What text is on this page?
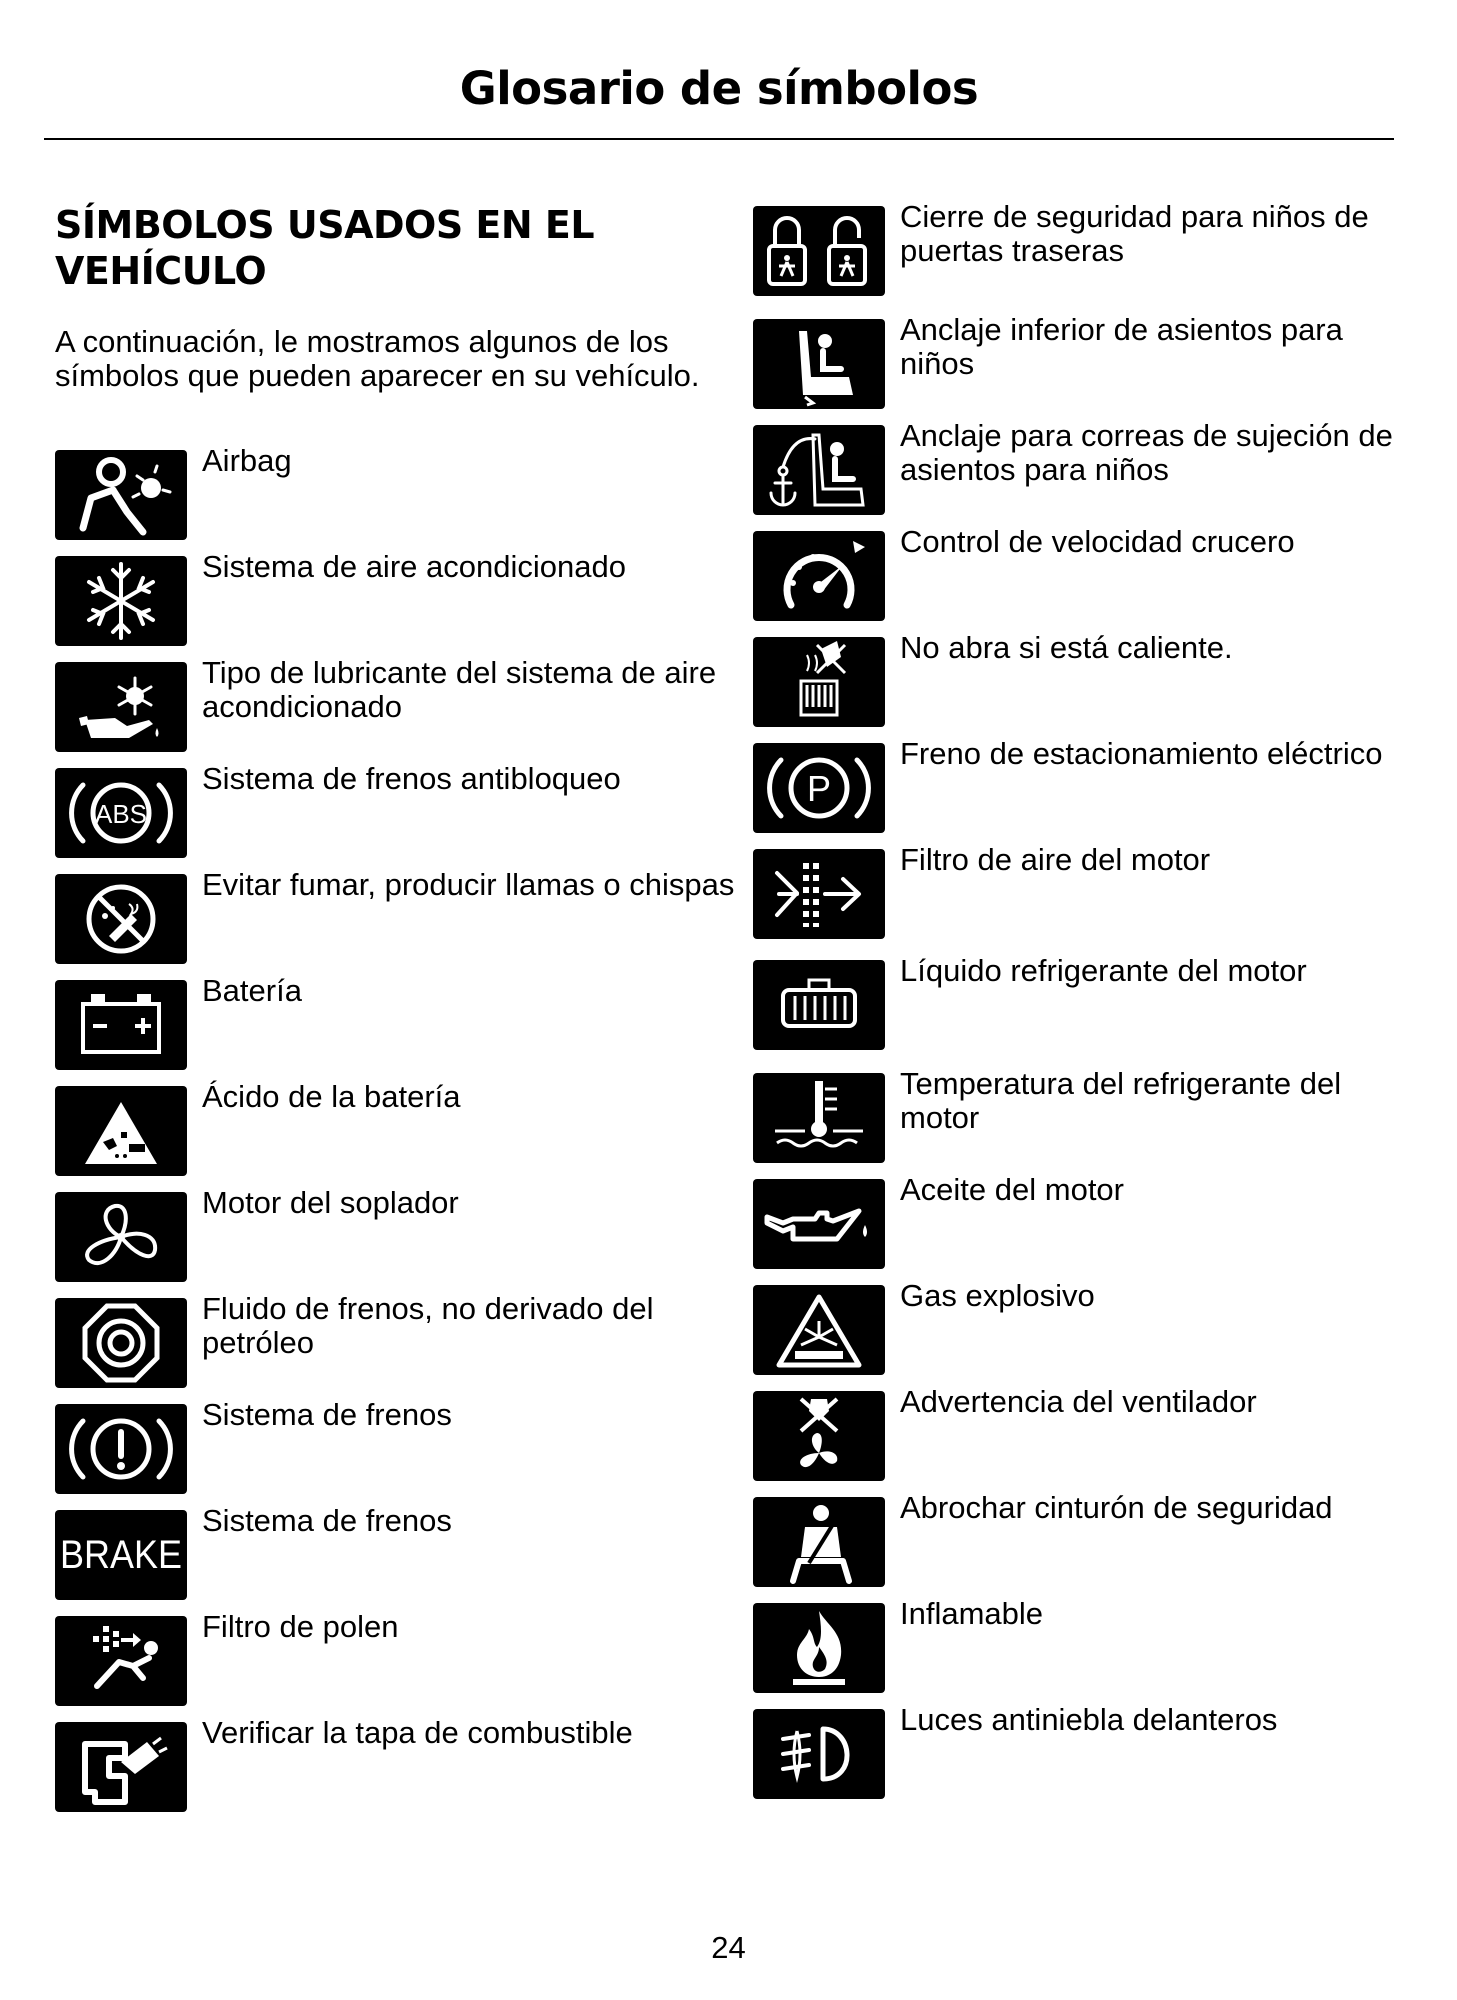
Glosario de símbolos
SÍMBOLOS USADOS EN EL VEHÍCULO
A continuación, le mostramos algunos de los símbolos que pueden aparecer en su vehículo.
Airbag
Sistema de aire acondicionado
Tipo de lubricante del sistema de aire acondicionado
ABS
Sistema de frenos antibloqueo
Evitar fumar, producir llamas o chispas
Batería
Ácido de la batería
Motor del soplador
Fluido de frenos, no derivado del petróleo
Sistema de frenos
BRAKE
Sistema de frenos
Filtro de polen
Verificar la tapa de combustible
Cierre de seguridad para niños de puertas traseras
Anclaje inferior de asientos para niños
Anclaje para correas de sujeción de asientos para niños
Control de velocidad crucero
No abra si está caliente.
P
Freno de estacionamiento eléctrico
Filtro de aire del motor
Líquido refrigerante del motor
Temperatura del refrigerante del motor
Aceite del motor
Gas explosivo
Advertencia del ventilador
Abrochar cinturón de seguridad
Inflamable
Luces antiniebla delanteros
24
